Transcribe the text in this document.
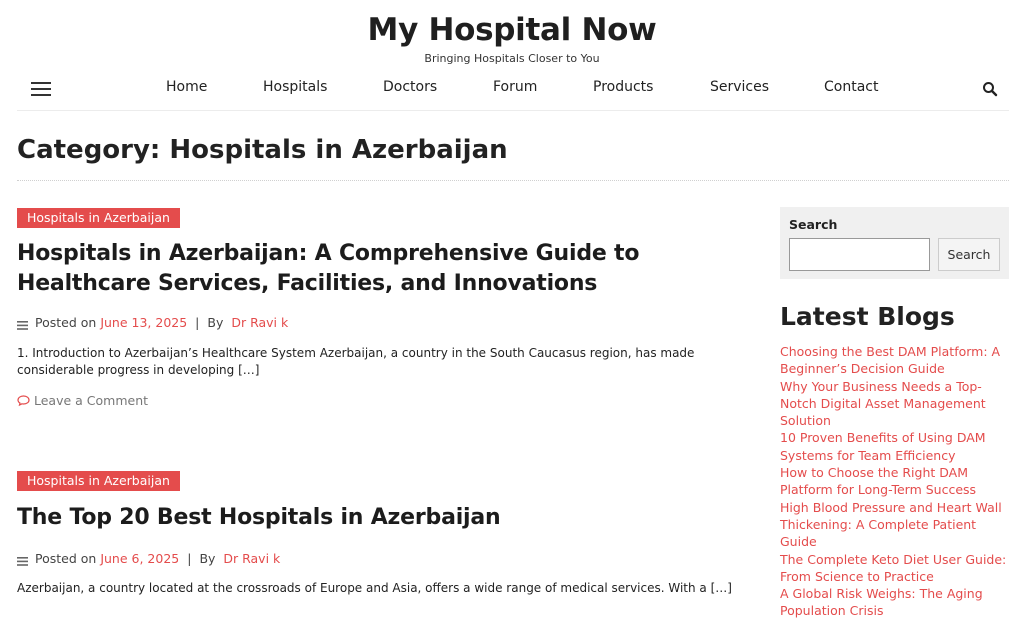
My Hospital Now
Bringing Hospitals Closer to You
Home	Hospitals	Doctors	Forum	Products	Services	Contact
Category: Hospitals in Azerbaijan
Hospitals in Azerbaijan
Hospitals in Azerbaijan: A Comprehensive Guide to Healthcare Services, Facilities, and Innovations
Posted on
June 13, 2025 | By
Dr Ravi k

1. Introduction to Azerbaijan’s Healthcare System Azerbaijan, a country in the South Caucasus region, has made considerable progress in developing […]

Leave a Comment
Hospitals in Azerbaijan
The Top 20 Best Hospitals in Azerbaijan
Posted on
June 6, 2025 | By
Dr Ravi k

Azerbaijan, a country located at the crossroads of Europe and Asia, offers a wide range of medical services. With a […]

Search
Search
Latest Blogs
Choosing the Best DAM Platform: A Beginner’s Decision Guide
Why Your Business Needs a Top-Notch Digital Asset Management Solution
10 Proven Benefits of Using DAM Systems for Team Efficiency
How to Choose the Right DAM Platform for Long-Term Success
High Blood Pressure and Heart Wall Thickening: A Complete Patient Guide
The Complete Keto Diet User Guide: From Science to Practice
A Global Risk Weighs: The Aging Population Crisis
